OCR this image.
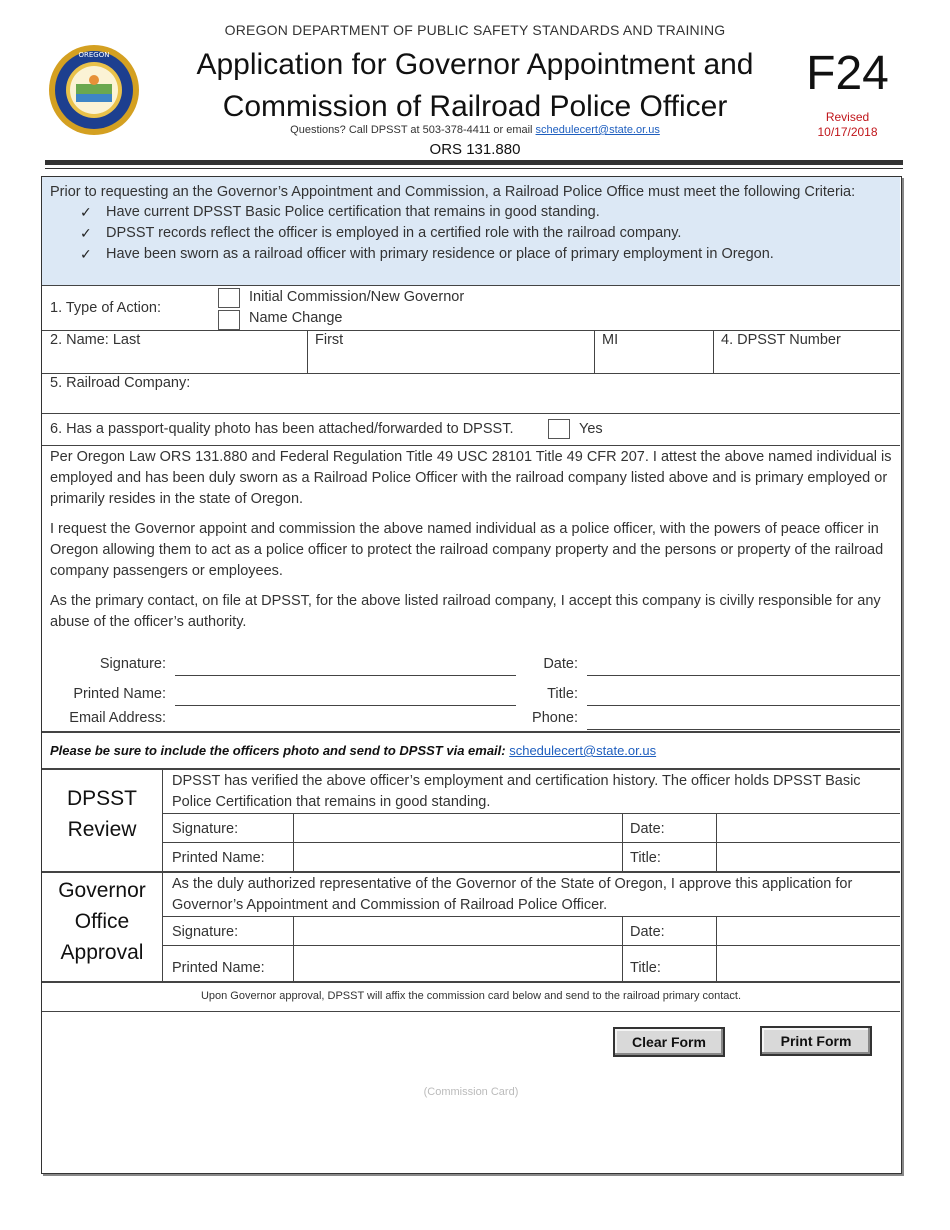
OREGON
OREGON DEPARTMENT OF PUBLIC SAFETY STANDARDS AND TRAINING
Application for Governor Appointment and
Commission of Railroad Police Officer
Questions? Call DPSST at 503-378-4411 or email schedulecert@state.or.us
ORS 131.880
F24
Revised
10/17/2018
Prior to requesting an the Governor’s Appointment and Commission, a Railroad Police Office must meet the following Criteria:
✓ Have current DPSST Basic Police certification that remains in good standing.
✓ DPSST records reflect the officer is employed in a certified role with the railroad company.
✓ Have been sworn as a railroad officer with primary residence or place of primary employment in Oregon.
1. Type of Action:
Initial Commission/New Governor
Name Change
2. Name: Last	First	MI	4. DPSST Number
5. Railroad Company:
6. Has a passport-quality photo has been attached/forwarded to DPSST.	Yes
Per Oregon Law ORS 131.880 and Federal Regulation Title 49 USC 28101 Title 49 CFR 207. I attest the above named individual is employed and has been duly sworn as a Railroad Police Officer with the railroad company listed above and is primary employed or primarily resides in the state of Oregon.
I request the Governor appoint and commission the above named individual as a police officer, with the powers of peace officer in Oregon allowing them to act as a police officer to protect the railroad company property and the persons or property of the railroad company passengers or employees.
As the primary contact, on file at DPSST, for the above listed railroad company, I accept this company is civilly responsible for any abuse of the officer’s authority.
Signature:	Date:
Printed Name:	Title:
Email Address:	Phone:
Please be sure to include the officers photo and send to DPSST via email: schedulecert@state.or.us
DPSST
Review
DPSST has verified the above officer’s employment and certification history. The officer holds DPSST Basic Police Certification that remains in good standing.
Signature:	Date:
Printed Name:	Title:
Governor
Office
Approval
As the duly authorized representative of the Governor of the State of Oregon, I approve this application for Governor’s Appointment and Commission of Railroad Police Officer.
Signature:	Date:
Printed Name:	Title:
Upon Governor approval, DPSST will affix the commission card below and send to the railroad primary contact.
Clear Form	Print Form
(Commission Card)
